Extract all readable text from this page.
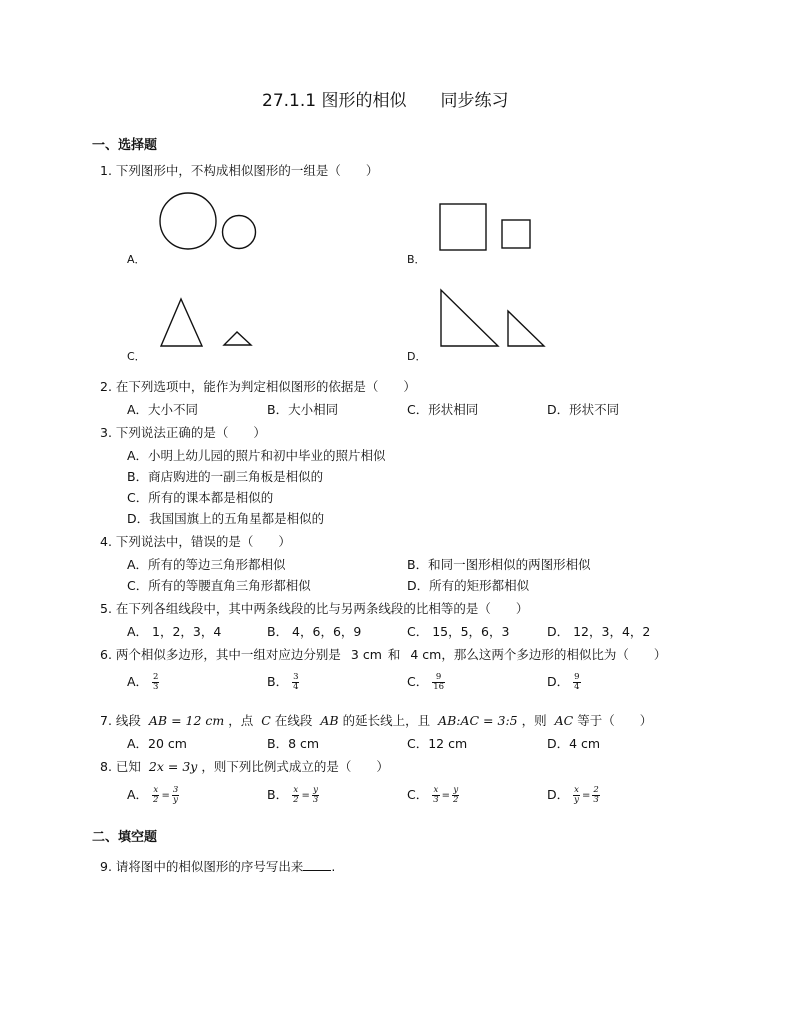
27.1.1 图形的相似　　同步练习
一、选择题
1. 下列图形中，不构成相似图形的一组是（　　）
A．	B．
C．	D．
2. 在下列选项中，能作为判定相似图形的依据是（　　）
A．大小不同	B．大小相同	C．形状相同	D．形状不同
3. 下列说法正确的是（　　）
A．小明上幼儿园的照片和初中毕业的照片相似
B．商店购进的一副三角板是相似的
C．所有的课本都是相似的
D．我国国旗上的五角星都是相似的
4. 下列说法中，错误的是（　　）
A．所有的等边三角形都相似	B．和同一图形相似的两图形相似
C．所有的等腰直角三角形都相似	D．所有的矩形都相似
5. 在下列各组线段中，其中两条线段的比与另两条线段的比相等的是（　　）
A． 1，2，3，4	B． 4，6，6，9	C． 15，5，6，3	D． 12，3，4，2
6. 两个相似多边形，其中一组对应边分别是 3 cm 和 4 cm，那么这两个多边形的相似比为（　　）
A． $\frac{2}{3}$	B． $\frac{3}{4}$	C． $\frac{9}{16}$	D． $\frac{9}{4}$
7. 线段 AB = 12 cm ，点 C 在线段 AB 的延长线上，且 AB:AC = 3:5 ，则 AC 等于（　　）
A．20 cm	B．8 cm	C．12 cm	D．4 cm
8. 已知 2x = 3y ，则下列比例式成立的是（　　）
A． $\frac{x}{2} = \frac{3}{y}$	B． $\frac{x}{2} = \frac{y}{3}$	C． $\frac{x}{3} = \frac{y}{2}$	D． $\frac{x}{y} = \frac{2}{3}$
二、填空题
9. 请将图中的相似图形的序号写出来 .
